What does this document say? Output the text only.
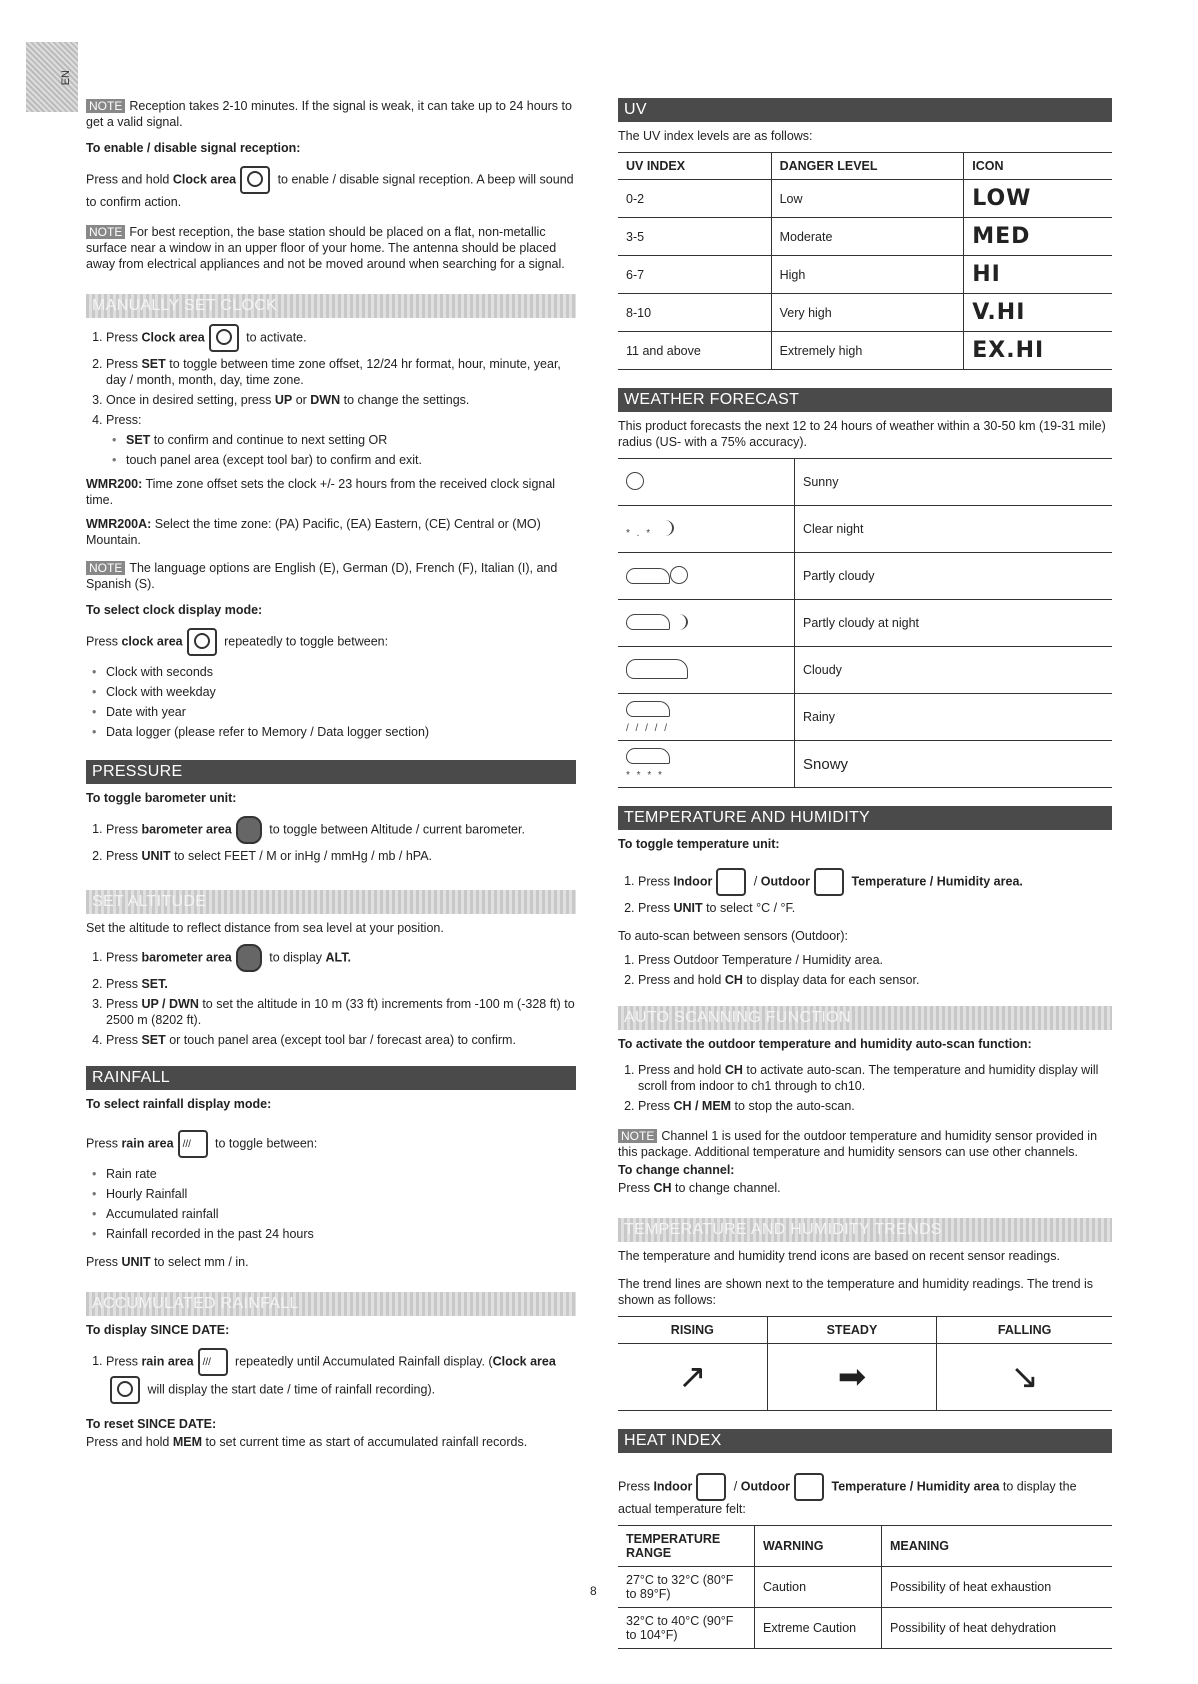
EN

NOTE Reception takes 2-10 minutes. If the signal is weak, it can take up to 24 hours to get a valid signal.

To enable / disable signal reception:

Press and hold Clock area	to enable / disable signal reception. A beep will sound to confirm action.

NOTE For best reception, the base station should be placed on a flat, non-metallic surface near a window in an upper floor of your home. The antenna should be placed away from electrical appliances and not be moved around when searching for a signal.

MANUALLY SET CLOCK
1. Press Clock area	to activate.
2. Press SET to toggle between time zone offset, 12/24 hr format, hour, minute, year, day / month, month, day, time zone.
3. Once in desired setting, press UP or DWN to change the settings.
4. Press:
• SET to confirm and continue to next setting OR
• touch panel area (except tool bar) to confirm and exit.

WMR200: Time zone offset sets the clock +/- 23 hours from the received clock signal time.

WMR200A: Select the time zone: (PA) Pacific, (EA) Eastern, (CE) Central or (MO) Mountain.

NOTE The language options are English (E), German (D), French (F), Italian (I), and Spanish (S).

To select clock display mode:

Press clock area	repeatedly to toggle between:

• Clock with seconds
• Clock with weekday
• Date with year
• Data logger (please refer to Memory / Data logger section)
PRESSURE

To toggle barometer unit:

1. Press barometer area	to toggle between Altitude / current barometer.
2. Press UNIT to select FEET / M or inHg / mmHg / mb / hPA.
SET ALTITUDE

Set the altitude to reflect distance from sea level at your position.

1. Press barometer area	to display ALT.
2. Press SET.
3. Press UP / DWN to set the altitude in 10 m (33 ft) increments from -100 m (-328 ft) to 2500 m (8202 ft).
4. Press SET or touch panel area (except tool bar / forecast area) to confirm.
RAINFALL

To select rainfall display mode:

Press rain area ///	to toggle between:

• Rain rate
• Hourly Rainfall
• Accumulated rainfall
• Rainfall recorded in the past 24 hours

Press UNIT to select mm / in.

ACCUMULATED RAINFALL

To display SINCE DATE:

1. Press rain area ///	repeatedly until Accumulated Rainfall display. (Clock area will display the start date / time of rainfall recording).

To reset SINCE DATE:

Press and hold MEM to set current time as start of accumulated rainfall records.

UV

The UV index levels are as follows:

UV INDEX	DANGER LEVEL	ICON
0-2	Low	LOW
3-5	Moderate	MED
6-7	High	HI
8-10	Very high	V.HI
11 and above	Extremely high	EX.HI
WEATHER FORECAST

This product forecasts the next 12 to 24 hours of weather within a 30-50 km (19-31 mile) radius (US- with a 75% accuracy).

	Sunny
* . *	Clear night
	Partly cloudy
	Partly cloudy at night
	Cloudy

/ / / / /	Rainy

* * * *	Snowy
TEMPERATURE AND HUMIDITY

To toggle temperature unit:

1. Press Indoor	/ Outdoor	Temperature / Humidity area.
2. Press UNIT to select °C / °F.

To auto-scan between sensors (Outdoor):

1. Press Outdoor Temperature / Humidity area.
2. Press and hold CH to display data for each sensor.
AUTO SCANNING FUNCTION

To activate the outdoor temperature and humidity auto-scan function:

1. Press and hold CH to activate auto-scan. The temperature and humidity display will scroll from indoor to ch1 through to ch10.
2. Press CH / MEM to stop the auto-scan.

NOTE Channel 1 is used for the outdoor temperature and humidity sensor provided in this package. Additional temperature and humidity sensors can use other channels.

To change channel:

Press CH to change channel.

TEMPERATURE AND HUMIDITY TRENDS

The temperature and humidity trend icons are based on recent sensor readings.

The trend lines are shown next to the temperature and humidity readings. The trend is shown as follows:

RISING	STEADY	FALLING
↗	➡	↘
HEAT INDEX

Press Indoor	/ Outdoor	Temperature / Humidity area to display the actual temperature felt:

TEMPERATURE RANGE	WARNING	MEANING
27°C to 32°C (80°F to 89°F)	Caution	Possibility of heat exhaustion
32°C to 40°C (90°F to 104°F)	Extreme Caution	Possibility of heat dehydration
8
